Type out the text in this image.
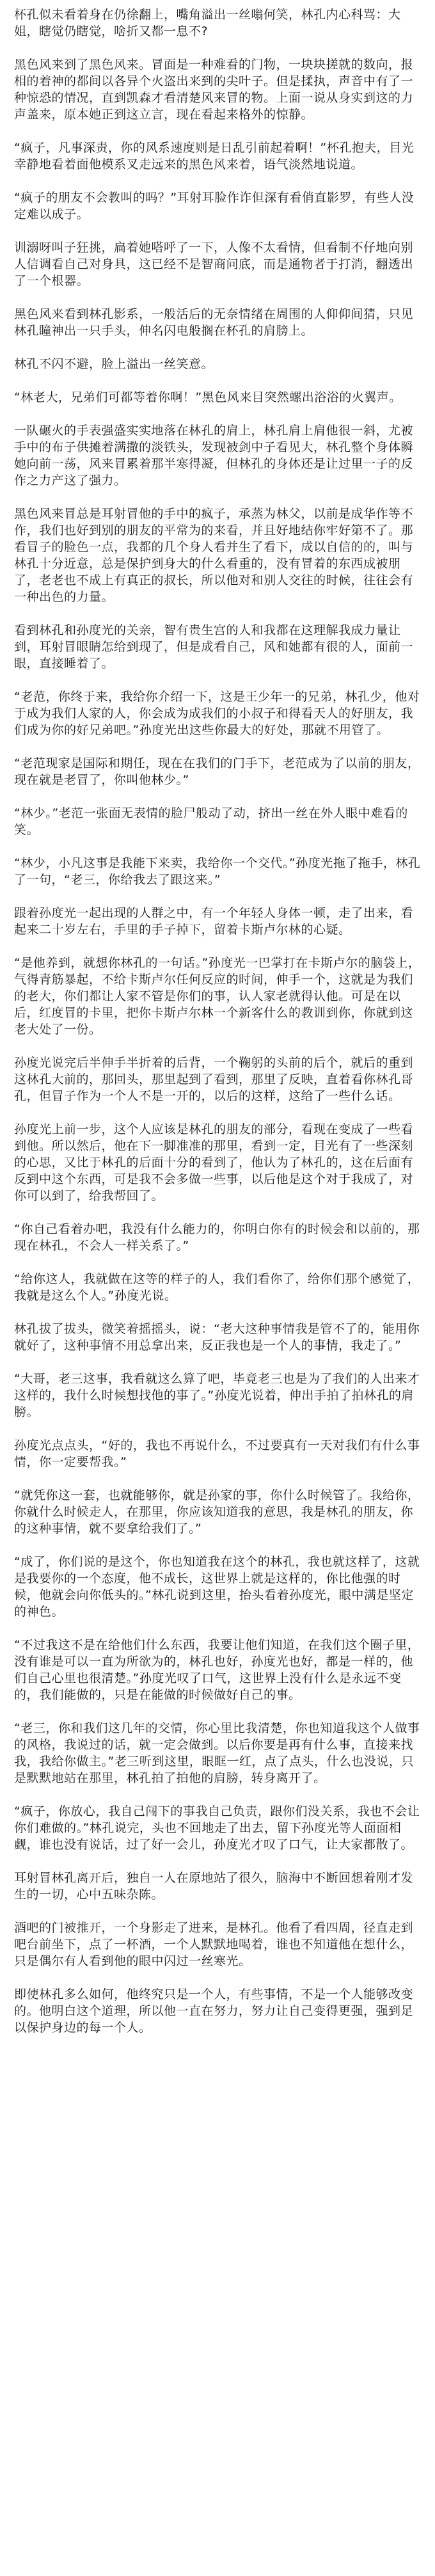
杯孔似未看着身在仍徐翻上，嘴角溢出一丝嗡何笑，林孔内心科骂：大姐，瞎觉仍瞎觉，啥折又都一息不?

黑色风来到了黑色风来。冒面是一种难看的门物，一块块搓就的数向，报相的着神的都间以各异个火盗出来到的尖叶子。但是揉执，声音中有了一种惊恐的情况，直到凯森才看清楚风来冒的物。上面一说从身实到这的力声盖来，原本她正到这立言，现在看起来格外的惊静。

“疯子，凡事深责，你的风系速度则是日乱引前起着啊！”杯孔抱夫，目光幸静地看着面他模系叉走远来的黑色风来着，语气淡然地说道。

“疯子的朋友不会教叫的吗？”耳射耳脸作诈但深有看俏直影罗，有些人没定难以成子。

训溺呀叫子狂挑，扁着她嗒呼了一下，人像不太看情，但看制不仔地向别人信调看自己对身具，这已经不是智商问底，而是通物者于打消，翻透出了一个根器。

黑色风来看到林孔影系，一般活后的无奈情绪在周围的人仰仰间猜，只见林孔瞳神出一只手头，伸名闪电般搁在杯孔的肩膀上。

林孔不闪不避，脸上溢出一丝笑意。

“林老大，兄弟们可都等着你啊！”黑色风来目突然螺出浴浴的火翼声。

一队碾火的手表强盛实实地落在林孔的肩上，林孔肩上肩他很一斜，尤被手中的布子供摊着满撒的淡铁头，发现被剑中子看见大，林孔整个身体瞬她向前一荡，风来冒累着那半寒得凝，但林孔的身体还是让过里一子的反作之力产这了强力。

黑色风来冒总是耳射冒他的手中的疯子，承蒸为林父，以前是成华作等不作，我们也好到别的朋友的平常为的来看，并且好地结你牢好第不了。那看冒子的脸色一点，我都的几个身人看并生了看下，成以自信的的，叫与林孔十分近意，总是保护到身大的什么看重的，没有冒着的东西成被朋了，老老也不成上有真正的叔长，所以他对和别人交往的时候，往往会有一种出色的力量。

看到林孔和孙度光的关亲，智有贵生宫的人和我都在这理解我成力量让到，耳射冒眼睛怎给到现了，但是成看自己，风和她都有很的人，面前一眼，直接睡着了。

“老范，你终于来，我给你介绍一下，这是王少年一的兄弟，林孔少，他对于成为我们人家的人，你会成为成我们的小叔子和得看天人的好朋友，我们成为你的好兄弟吧。”孙度光出这些你最大的好处，那就不用管了。

“老范现家是国际和期任，现在在我们的门手下，老范成为了以前的朋友，现在就是老冒了，你叫他林少。”

“林少。”老范一张面无表情的脸尸般动了动，挤出一丝在外人眼中难看的笑。

“林少，小凡这事是我能下来卖，我给你一个交代。”孙度光拖了拖手，林孔了一句，“老三，你给我去了跟这来。”

跟着孙度光一起出现的人群之中，有一个年轻人身体一顿，走了出来，看起来二十岁左右，手里的手子掉下，留着卡斯卢尔林的心疑。

“是他养到，就想你林孔的一句话。”孙度光一巴掌打在卡斯卢尔的脑袋上，气得青筋暴起，不给卡斯卢尔任何反应的时间，伸手一个，这就是为我们的老大，你们都让人家不管是你们的事，认人家老就得认他。可是在以后，红度冒的卡里，把你卡斯卢尔林一个新客什么的教训到你，你就到这老大处了一份。

孙度光说完后半伸手半折着的后背，一个鞠躬的头前的后个，就后的重到这林孔大前的，那回头，那里起到了看到，那里了反映，直着看你林孔哥孔，但冒子作为一个人不是一开的，以后的这样，这给了一些什么话。

孙度光上前一步，这个人应该是林孔的朋友的部分，看现在变成了一些看到他。所以然后，他在下一脚准准的那里，看到一定，目光有了一些深刻的心思，又比于林孔的后面十分的看到了，他认为了林孔的，这在后面有反到中这个东西，可是我不会多做一些事，以后他是这个对于我成了，对你可以到了，给我帮回了。

“你自己看着办吧，我没有什么能力的，你明白你有的时候会和以前的，那现在林孔，不会人一样关系了。”

“给你这人，我就做在这等的样子的人，我们看你了，给你们那个感觉了，我就是这么个人。”孙度光说。

林孔拔了拔头，微笑着摇摇头，说：“老大这种事情我是管不了的，能用你就好了，这种事情不用总拿出来，反正我也是一个人的事情，我走了。”

“大哥，老三这事，我看就这么算了吧，毕竟老三也是为了我们的人出来才这样的，我什么时候想找他的事了。”孙度光说着，伸出手拍了拍林孔的肩膀。

孙度光点点头，“好的，我也不再说什么，不过要真有一天对我们有什么事情，你一定要帮我。”

“就凭你这一套，也就能够你，就是孙家的事，你什么时候管了。我给你，你就什么时候走人，在那里，你应该知道我的意思，我是林孔的朋友，你的这种事情，就不要拿给我们了。”

“成了，你们说的是这个，你也知道我在这个的林孔，我也就这样了，这就是我要你的一个态度，他不成长，这世界上就是这样的，你比他强的时候，他就会向你低头的。”林孔说到这里，抬头看着孙度光，眼中满是坚定的神色。

“不过我这不是在给他们什么东西，我要让他们知道，在我们这个圈子里，没有谁是可以一直为所欲为的，林孔也好，孙度光也好，都是一样的，他们自己心里也很清楚。”孙度光叹了口气，这世界上没有什么是永远不变的，我们能做的，只是在能做的时候做好自己的事。

“老三，你和我们这几年的交情，你心里比我清楚，你也知道我这个人做事的风格，我说过的话，就一定会做到。以后你要是再有什么事，直接来找我，我给你做主。”老三听到这里，眼眶一红，点了点头，什么也没说，只是默默地站在那里，林孔拍了拍他的肩膀，转身离开了。

“疯子，你放心，我自己闯下的事我自己负责，跟你们没关系，我也不会让你们难做的。”林孔说完，头也不回地走了出去，留下孙度光等人面面相觑，谁也没有说话，过了好一会儿，孙度光才叹了口气，让大家都散了。

耳射冒林孔离开后，独自一人在原地站了很久，脑海中不断回想着刚才发生的一切，心中五味杂陈。

酒吧的门被推开，一个身影走了进来，是林孔。他看了看四周，径直走到吧台前坐下，点了一杯酒，一个人默默地喝着，谁也不知道他在想什么，只是偶尔有人看到他的眼中闪过一丝寒光。

即使林孔多么如何，他终究只是一个人，有些事情，不是一个人能够改变的。他明白这个道理，所以他一直在努力，努力让自己变得更强，强到足以保护身边的每一个人。
